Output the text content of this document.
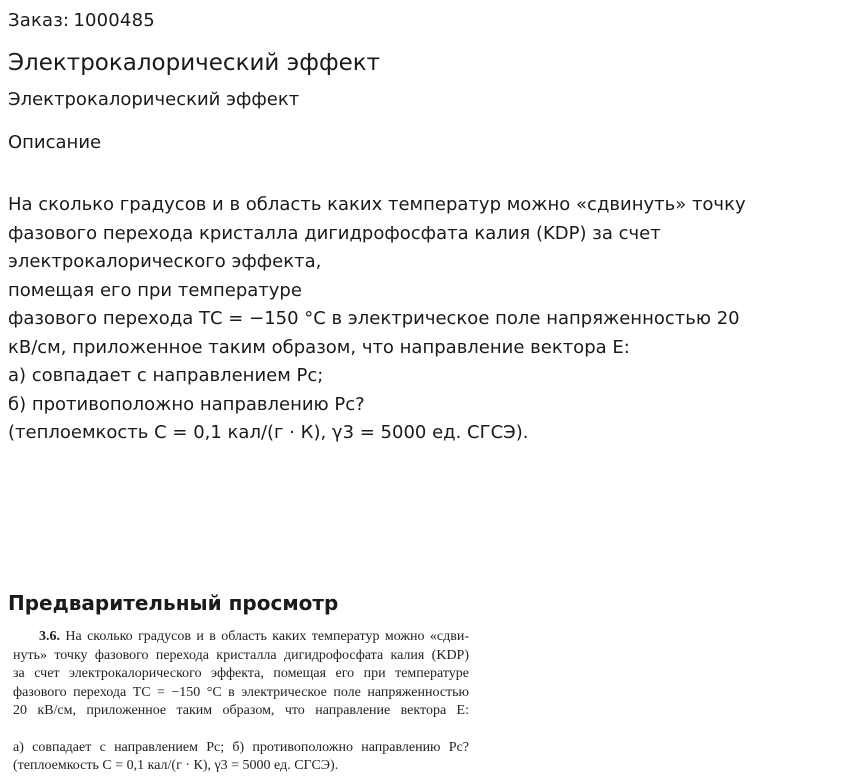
Заказ: 1000485
Электрокалорический эффект
Электрокалорический эффект
Описание
На сколько градусов и в область каких температур можно «сдвинуть» точку
фазового перехода кристалла дигидрофосфата калия (KDP) за счет
электрокалорического эффекта,
помещая его при температуре
фазового перехода ТС = −150 °С в электрическое поле напряженностью 20
кВ/см, приложенное таким образом, что направление вектора Е:
а) совпадает с направлением Рс;
б) противоположно направлению Рс?
(теплоемкость С = 0,1 кал/(г · К), γ3 = 5000 ед. СГСЭ).
Предварительный просмотр
3.6. На сколько градусов и в область каких температур можно «сдви-
нуть» точку фазового перехода кристалла дигидрофосфата калия (KDP)
за счет электрокалорического эффекта, помещая его при температуре
фазового перехода TC = −150 °С в электрическое поле напряженностью
20 кВ/см, приложенное таким образом, что направление вектора E:
а) совпадает с направлением Pc; б) противоположно направлению Pc?
(теплоемкость C = 0,1 кал/(г · К), γ3 = 5000 ед. СГСЭ).
